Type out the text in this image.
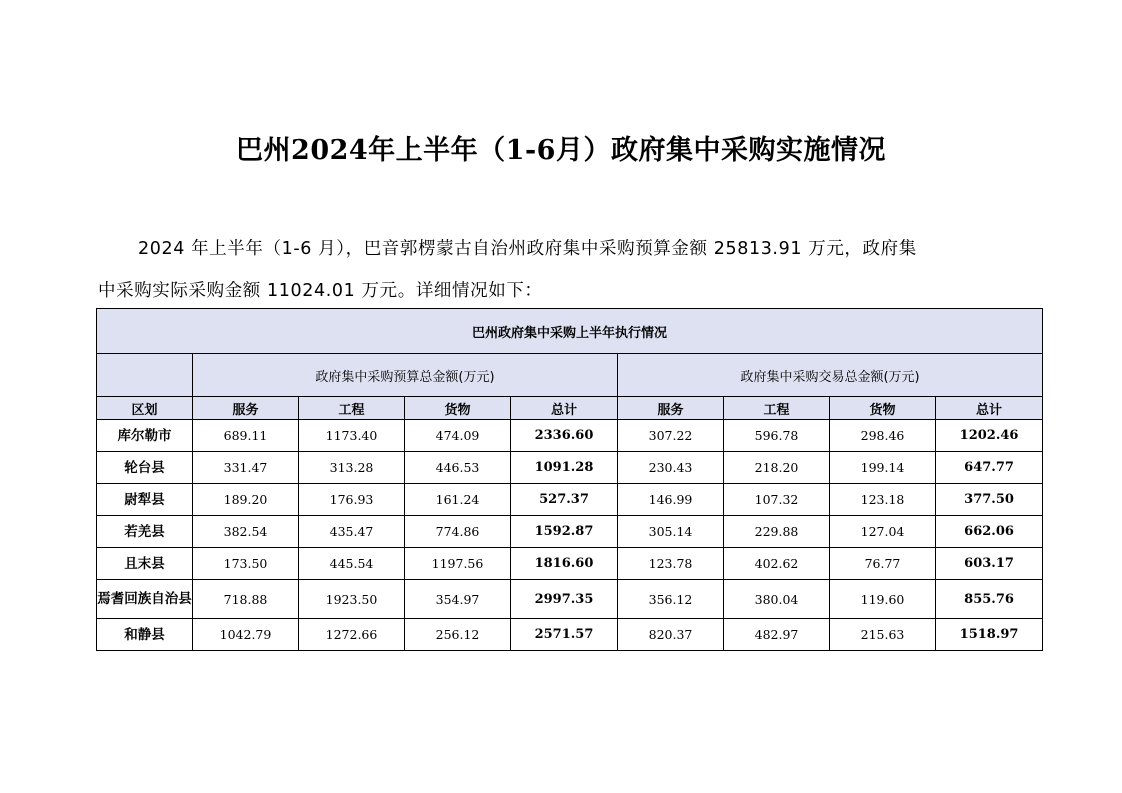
巴州2024年上半年（1-6月）政府集中采购实施情况
2024 年上半年（1-6 月），巴音郭楞蒙古自治州政府集中采购预算金额 25813.91 万元，政府集
中采购实际采购金额 11024.01 万元。详细情况如下：
巴州政府集中采购上半年执行情况								
	政府集中采购预算总金额(万元)				政府集中采购交易总金额(万元)			
区划	服务	工程	货物	总计	服务	工程	货物	总计
库尔勒市	689.11	1173.40	474.09	2336.60	307.22	596.78	298.46	1202.46
轮台县	331.47	313.28	446.53	1091.28	230.43	218.20	199.14	647.77
尉犁县	189.20	176.93	161.24	527.37	146.99	107.32	123.18	377.50
若羌县	382.54	435.47	774.86	1592.87	305.14	229.88	127.04	662.06
且末县	173.50	445.54	1197.56	1816.60	123.78	402.62	76.77	603.17
焉耆回族自治县	718.88	1923.50	354.97	2997.35	356.12	380.04	119.60	855.76
和静县	1042.79	1272.66	256.12	2571.57	820.37	482.97	215.63	1518.97
